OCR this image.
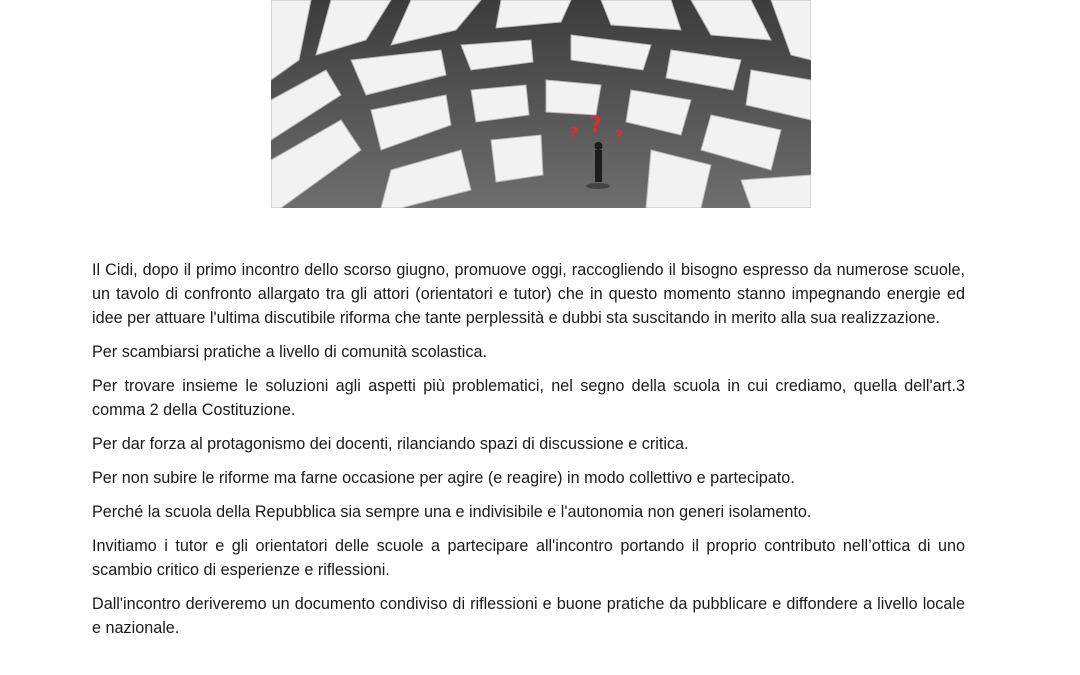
? ? ?

Il Cidi, dopo il primo incontro dello scorso giugno, promuove oggi, raccogliendo il bisogno espresso da numerose scuole, un tavolo di confronto allargato tra gli attori (orientatori e tutor) che in questo momento stanno impegnando energie ed idee per attuare l'ultima discutibile riforma che tante perplessità e dubbi sta suscitando in merito alla sua realizzazione.

Per scambiarsi pratiche a livello di comunità scolastica.

Per trovare insieme le soluzioni agli aspetti più problematici, nel segno della scuola in cui crediamo, quella dell'art.3 comma 2 della Costituzione.

Per dar forza al protagonismo dei docenti, rilanciando spazi di discussione e critica.

Per non subire le riforme ma farne occasione per agire (e reagire) in modo collettivo e partecipato.

Perché la scuola della Repubblica sia sempre una e indivisibile e l'autonomia non generi isolamento.

Invitiamo i tutor e gli orientatori delle scuole a partecipare all'incontro portando il proprio contributo nell’ottica di uno scambio critico di esperienze e riflessioni.

Dall'incontro deriveremo un documento condiviso di riflessioni e buone pratiche da pubblicare e diffondere a livello locale e nazionale.
